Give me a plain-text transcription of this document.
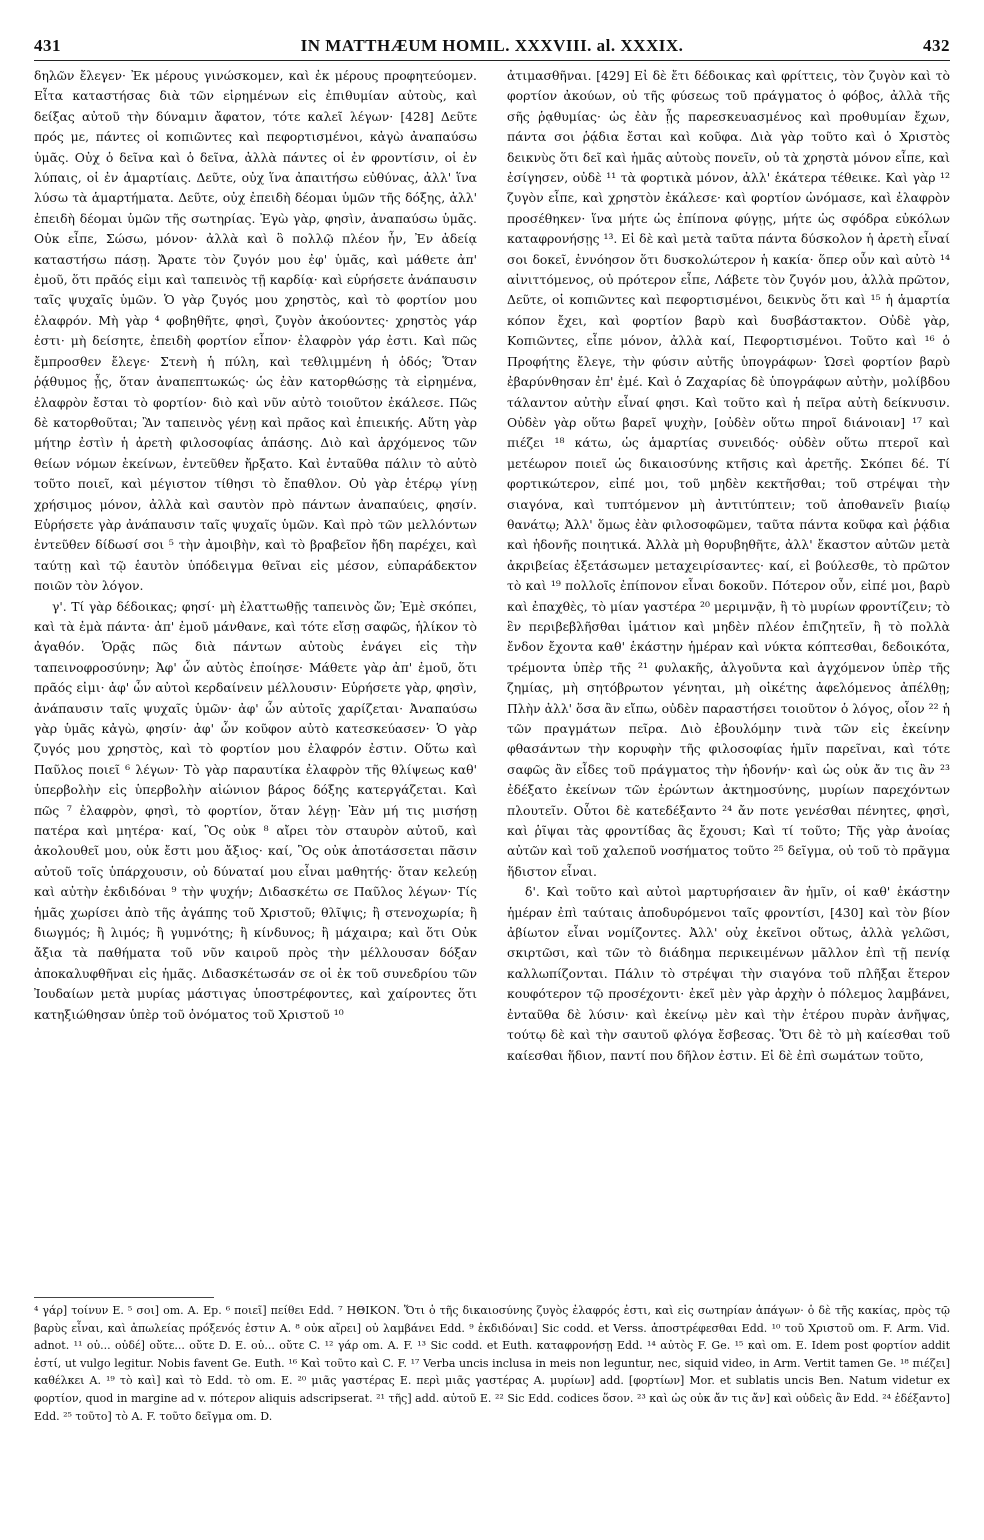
431	IN MATTHÆUM HOMIL. XXXVIII. al. XXXIX.	432

δηλῶν ἔλεγεν· Ἐκ μέρους γινώσκομεν, καὶ ἐκ μέρους προφητεύομεν. Εἶτα καταστήσας διὰ τῶν εἰρημένων εἰς ἐπιθυμίαν αὐτοὺς, καὶ δείξας αὐτοῦ τὴν δύναμιν ἄφατον, τότε καλεῖ λέγων· [428] Δεῦτε πρός με, πάντες οἱ κοπιῶντες καὶ πεφορτισμένοι, κἀγὼ ἀναπαύσω ὑμᾶς. Οὐχ ὁ δεῖνα καὶ ὁ δεῖνα, ἀλλὰ πάντες οἱ ἐν φροντίσιν, οἱ ἐν λύπαις, οἱ ἐν ἁμαρτίαις. Δεῦτε, οὐχ ἵνα ἀπαιτήσω εὐθύνας, ἀλλ' ἵνα λύσω τὰ ἁμαρτήματα. Δεῦτε, οὐχ ἐπειδὴ δέομαι ὑμῶν τῆς δόξης, ἀλλ' ἐπειδὴ δέομαι ὑμῶν τῆς σωτηρίας. Ἐγὼ γὰρ, φησὶν, ἀναπαύσω ὑμᾶς. Οὐκ εἶπε, Σώσω, μόνον· ἀλλὰ καὶ ὃ πολλῷ πλέον ἦν, Ἐν ἀδείᾳ καταστήσω πάσῃ. Ἄρατε τὸν ζυγόν μου ἐφ' ὑμᾶς, καὶ μάθετε ἀπ' ἐμοῦ, ὅτι πρᾶός εἰμι καὶ ταπεινὸς τῇ καρδίᾳ· καὶ εὑρήσετε ἀνάπαυσιν ταῖς ψυχαῖς ὑμῶν. Ὁ γὰρ ζυγός μου χρηστὸς, καὶ τὸ φορτίον μου ἐλαφρόν. Μὴ γὰρ ⁴ φοβηθῆτε, φησὶ, ζυγὸν ἀκούοντες· χρηστὸς γάρ ἐστι· μὴ δείσητε, ἐπειδὴ φορτίον εἶπον· ἐλαφρὸν γάρ ἐστι. Καὶ πῶς ἔμπροσθεν ἔλεγε· Στενὴ ἡ πύλη, καὶ τεθλιμμένη ἡ ὁδός; Ὅταν ῥᾴθυμος ᾖς, ὅταν ἀναπεπτωκώς· ὡς ἐὰν κατορθώσῃς τὰ εἰρημένα, ἐλαφρὸν ἔσται τὸ φορτίον· διὸ καὶ νῦν αὐτὸ τοιοῦτον ἐκάλεσε. Πῶς δὲ κατορθοῦται; Ἂν ταπεινὸς γένῃ καὶ πρᾶος καὶ ἐπιεικής. Αὕτη γὰρ μήτηρ ἐστὶν ἡ ἀρετὴ φιλοσοφίας ἁπάσης. Διὸ καὶ ἀρχόμενος τῶν θείων νόμων ἐκείνων, ἐντεῦθεν ἤρξατο. Καὶ ἐνταῦθα πάλιν τὸ αὐτὸ τοῦτο ποιεῖ, καὶ μέγιστον τίθησι τὸ ἔπαθλον. Οὐ γὰρ ἑτέρῳ γίνῃ χρήσιμος μόνον, ἀλλὰ καὶ σαυτὸν πρὸ πάντων ἀναπαύεις, φησίν. Εὑρήσετε γὰρ ἀνάπαυσιν ταῖς ψυχαῖς ὑμῶν. Καὶ πρὸ τῶν μελλόντων ἐντεῦθεν δίδωσί σοι ⁵ τὴν ἀμοιβὴν, καὶ τὸ βραβεῖον ἤδη παρέχει, καὶ ταύτῃ καὶ τῷ ἑαυτὸν ὑπόδειγμα θεῖναι εἰς μέσον, εὐπαράδεκτον ποιῶν τὸν λόγον.

γ'. Τί γὰρ δέδοικας; φησί· μὴ ἐλαττωθῇς ταπεινὸς ὤν; Ἐμὲ σκόπει, καὶ τὰ ἐμὰ πάντα· ἀπ' ἐμοῦ μάνθανε, καὶ τότε εἴσῃ σαφῶς, ἡλίκον τὸ ἀγαθόν. Ὁρᾷς πῶς διὰ πάντων αὐτοὺς ἐνάγει εἰς τὴν ταπεινοφροσύνην; Ἀφ' ὧν αὐτὸς ἐποίησε· Μάθετε γὰρ ἀπ' ἐμοῦ, ὅτι πρᾶός εἰμι· ἀφ' ὧν αὐτοὶ κερδαίνειν μέλλουσιν· Εὑρήσετε γὰρ, φησὶν, ἀνάπαυσιν ταῖς ψυχαῖς ὑμῶν· ἀφ' ὧν αὐτοῖς χαρίζεται· Ἀναπαύσω γὰρ ὑμᾶς κἀγὼ, φησίν· ἀφ' ὧν κοῦφον αὐτὸ κατεσκεύασεν· Ὁ γὰρ ζυγός μου χρηστὸς, καὶ τὸ φορτίον μου ἐλαφρόν ἐστιν. Οὕτω καὶ Παῦλος ποιεῖ ⁶ λέγων· Τὸ γὰρ παραυτίκα ἐλαφρὸν τῆς θλίψεως καθ' ὑπερβολὴν εἰς ὑπερβολὴν αἰώνιον βάρος δόξης κατεργάζεται. Καὶ πῶς ⁷ ἐλαφρὸν, φησὶ, τὸ φορτίον, ὅταν λέγῃ· Ἐὰν μή τις μισήσῃ πατέρα καὶ μητέρα· καί, Ὃς οὐκ ⁸ αἴρει τὸν σταυρὸν αὐτοῦ, καὶ ἀκολουθεῖ μου, οὐκ ἔστι μου ἄξιος· καί, Ὃς οὐκ ἀποτάσσεται πᾶσιν αὐτοῦ τοῖς ὑπάρχουσιν, οὐ δύναταί μου εἶναι μαθητής· ὅταν κελεύῃ καὶ αὐτὴν ἐκδιδόναι ⁹ τὴν ψυχήν; Διδασκέτω σε Παῦλος λέγων· Τίς ἡμᾶς χωρίσει ἀπὸ τῆς ἀγάπης τοῦ Χριστοῦ; θλῖψις; ἢ στενοχωρία; ἢ διωγμός; ἢ λιμός; ἢ γυμνότης; ἢ κίνδυνος; ἢ μάχαιρα; καὶ ὅτι Οὐκ ἄξια τὰ παθήματα τοῦ νῦν καιροῦ πρὸς τὴν μέλλουσαν δόξαν ἀποκαλυφθῆναι εἰς ἡμᾶς. Διδασκέτωσάν σε οἱ ἐκ τοῦ συνεδρίου τῶν Ἰουδαίων μετὰ μυρίας μάστιγας ὑποστρέφοντες, καὶ χαίροντες ὅτι κατηξιώθησαν ὑπὲρ τοῦ ὀνόματος τοῦ Χριστοῦ ¹⁰

ἀτιμασθῆναι. [429] Εἰ δὲ ἔτι δέδοικας καὶ φρίττεις, τὸν ζυγὸν καὶ τὸ φορτίον ἀκούων, οὐ τῆς φύσεως τοῦ πράγματος ὁ φόβος, ἀλλὰ τῆς σῆς ῥᾳθυμίας· ὡς ἐὰν ᾖς παρεσκευασμένος καὶ προθυμίαν ἔχων, πάντα σοι ῥᾴδια ἔσται καὶ κοῦφα. Διὰ γὰρ τοῦτο καὶ ὁ Χριστὸς δεικνὺς ὅτι δεῖ καὶ ἡμᾶς αὐτοὺς πονεῖν, οὐ τὰ χρηστὰ μόνον εἶπε, καὶ ἐσίγησεν, οὐδὲ ¹¹ τὰ φορτικὰ μόνον, ἀλλ' ἑκάτερα τέθεικε. Καὶ γὰρ ¹² ζυγὸν εἶπε, καὶ χρηστὸν ἐκάλεσε· καὶ φορτίον ὠνόμασε, καὶ ἐλαφρὸν προσέθηκεν· ἵνα μήτε ὡς ἐπίπονα φύγῃς, μήτε ὡς σφόδρα εὐκόλων καταφρονήσῃς ¹³. Εἰ δὲ καὶ μετὰ ταῦτα πάντα δύσκολον ἡ ἀρετὴ εἶναί σοι δοκεῖ, ἐννόησον ὅτι δυσκολώτερον ἡ κακία· ὅπερ οὖν καὶ αὐτὸ ¹⁴ αἰνιττόμενος, οὐ πρότερον εἶπε, Λάβετε τὸν ζυγόν μου, ἀλλὰ πρῶτον, Δεῦτε, οἱ κοπιῶντες καὶ πεφορτισμένοι, δεικνὺς ὅτι καὶ ¹⁵ ἡ ἁμαρτία κόπον ἔχει, καὶ φορτίον βαρὺ καὶ δυσβάστακτον. Οὐδὲ γὰρ, Κοπιῶντες, εἶπε μόνον, ἀλλὰ καί, Πεφορτισμένοι. Τοῦτο καὶ ¹⁶ ὁ Προφήτης ἔλεγε, τὴν φύσιν αὐτῆς ὑπογράφων· Ὡσεὶ φορτίον βαρὺ ἐβαρύνθησαν ἐπ' ἐμέ. Καὶ ὁ Ζαχαρίας δὲ ὑπογράφων αὐτὴν, μολίβδου τάλαντον αὐτὴν εἶναί φησι. Καὶ τοῦτο καὶ ἡ πεῖρα αὐτὴ δείκνυσιν. Οὐδὲν γὰρ οὕτω βαρεῖ ψυχὴν, [οὐδὲν οὕτω πηροῖ διάνοιαν] ¹⁷ καὶ πιέζει ¹⁸ κάτω, ὡς ἁμαρτίας συνειδός· οὐδὲν οὕτω πτεροῖ καὶ μετέωρον ποιεῖ ὡς δικαιοσύνης κτῆσις καὶ ἀρετῆς. Σκόπει δέ. Τί φορτικώτερον, εἰπέ μοι, τοῦ μηδὲν κεκτῆσθαι; τοῦ στρέψαι τὴν σιαγόνα, καὶ τυπτόμενον μὴ ἀντιτύπτειν; τοῦ ἀποθανεῖν βιαίῳ θανάτῳ; Ἀλλ' ὅμως ἐὰν φιλοσοφῶμεν, ταῦτα πάντα κοῦφα καὶ ῥᾴδια καὶ ἡδονῆς ποιητικά. Ἀλλὰ μὴ θορυβηθῆτε, ἀλλ' ἕκαστον αὐτῶν μετὰ ἀκριβείας ἐξετάσωμεν μεταχειρίσαντες· καί, εἰ βούλεσθε, τὸ πρῶτον τὸ καὶ ¹⁹ πολλοῖς ἐπίπονον εἶναι δοκοῦν. Πότερον οὖν, εἰπέ μοι, βαρὺ καὶ ἐπαχθὲς, τὸ μίαν γαστέρα ²⁰ μεριμνᾷν, ἢ τὸ μυρίων φροντίζειν; τὸ ἓν περιβεβλῆσθαι ἱμάτιον καὶ μηδὲν πλέον ἐπιζητεῖν, ἢ τὸ πολλὰ ἔνδον ἔχοντα καθ' ἑκάστην ἡμέραν καὶ νύκτα κόπτεσθαι, δεδοικότα, τρέμοντα ὑπὲρ τῆς ²¹ φυλακῆς, ἀλγοῦντα καὶ ἀγχόμενον ὑπὲρ τῆς ζημίας, μὴ σητόβρωτον γένηται, μὴ οἰκέτης ἀφελόμενος ἀπέλθῃ; Πλὴν ἀλλ' ὅσα ἂν εἴπω, οὐδὲν παραστήσει τοιοῦτον ὁ λόγος, οἷον ²² ἡ τῶν πραγμάτων πεῖρα. Διὸ ἐβουλόμην τινὰ τῶν εἰς ἐκείνην φθασάντων τὴν κορυφὴν τῆς φιλοσοφίας ἡμῖν παρεῖναι, καὶ τότε σαφῶς ἂν εἶδες τοῦ πράγματος τὴν ἡδονήν· καὶ ὡς οὐκ ἄν τις ἂν ²³ ἐδέξατο ἐκείνων τῶν ἐρώντων ἀκτημοσύνης, μυρίων παρεχόντων πλουτεῖν. Οὗτοι δὲ κατεδέξαντο ²⁴ ἄν ποτε γενέσθαι πένητες, φησὶ, καὶ ῥῖψαι τὰς φροντίδας ἃς ἔχουσι; Καὶ τί τοῦτο; Τῆς γὰρ ἀνοίας αὐτῶν καὶ τοῦ χαλεποῦ νοσήματος τοῦτο ²⁵ δεῖγμα, οὐ τοῦ τὸ πρᾶγμα ἥδιστον εἶναι.

δ'. Καὶ τοῦτο καὶ αὐτοὶ μαρτυρήσαιεν ἂν ἡμῖν, οἱ καθ' ἑκάστην ἡμέραν ἐπὶ ταύταις ἀποδυρόμενοι ταῖς φροντίσι, [430] καὶ τὸν βίον ἀβίωτον εἶναι νομίζοντες. Ἀλλ' οὐχ ἐκεῖνοι οὕτως, ἀλλὰ γελῶσι, σκιρτῶσι, καὶ τῶν τὸ διάδημα περικειμένων μᾶλλον ἐπὶ τῇ πενίᾳ καλλωπίζονται. Πάλιν τὸ στρέψαι τὴν σιαγόνα τοῦ πλῆξαι ἕτερον κουφότερον τῷ προσέχοντι· ἐκεῖ μὲν γὰρ ἀρχὴν ὁ πόλεμος λαμβάνει, ἐνταῦθα δὲ λύσιν· καὶ ἐκείνῳ μὲν καὶ τὴν ἑτέρου πυρὰν ἀνῆψας, τούτῳ δὲ καὶ τὴν σαυτοῦ φλόγα ἔσβεσας. Ὅτι δὲ τὸ μὴ καίεσθαι τοῦ καίεσθαι ἥδιον, παντί που δῆλον ἐστιν. Εἰ δὲ ἐπὶ σωμάτων τοῦτο,

⁴ γάρ] τοίνυν E. ⁵ σοι] om. A. Ep. ⁶ ποιεῖ] πείθει Edd. ⁷ ΗΘΙΚΟΝ. Ὅτι ὁ τῆς δικαιοσύνης ζυγὸς ἐλαφρός ἐστι, καὶ εἰς σωτηρίαν ἀπάγων· ὁ δὲ τῆς κακίας, πρὸς τῷ βαρὺς εἶναι, καὶ ἀπωλείας πρόξενός ἐστιν A. ⁸ οὐκ αἴρει] οὐ λαμβάνει Edd. ⁹ ἐκδιδόναι] Sic codd. et Verss. ἀποστρέφεσθαι Edd. ¹⁰ τοῦ Χριστοῦ om. F. Arm. Vid. adnot. ¹¹ οὐ... οὐδέ] οὔτε... οὔτε D. E. οὐ... οὔτε C. ¹² γάρ om. A. F. ¹³ Sic codd. et Euth. καταφρονήσῃ Edd. ¹⁴ αὐτὸς F. Ge. ¹⁵ καὶ om. E. Idem post φορτίον addit ἐστί, ut vulgo legitur. Nobis favent Ge. Euth. ¹⁶ Καὶ τοῦτο καὶ C. F. ¹⁷ Verba uncis inclusa in meis non leguntur, nec, siquid video, in Arm. Vertit tamen Ge. ¹⁸ πιέζει] καθέλκει A. ¹⁹ τὸ καὶ] καὶ τὸ Edd. τὸ om. E. ²⁰ μιᾶς γαστέρας E. περὶ μιᾶς γαστέρας A. μυρίων] add. [φορτίων] Mor. et sublatis uncis Ben. Natum videtur ex φορτίον, quod in margine ad v. πότερον aliquis adscripserat. ²¹ τῆς] add. αὐτοῦ E. ²² Sic Edd. codices ὅσον. ²³ καὶ ὡς οὐκ ἄν τις ἄν] καὶ οὐδεὶς ἂν Edd. ²⁴ ἐδέξαντο] Edd. ²⁵ τοῦτο] τὸ A. F. τοῦτο δεῖγμα om. D.
